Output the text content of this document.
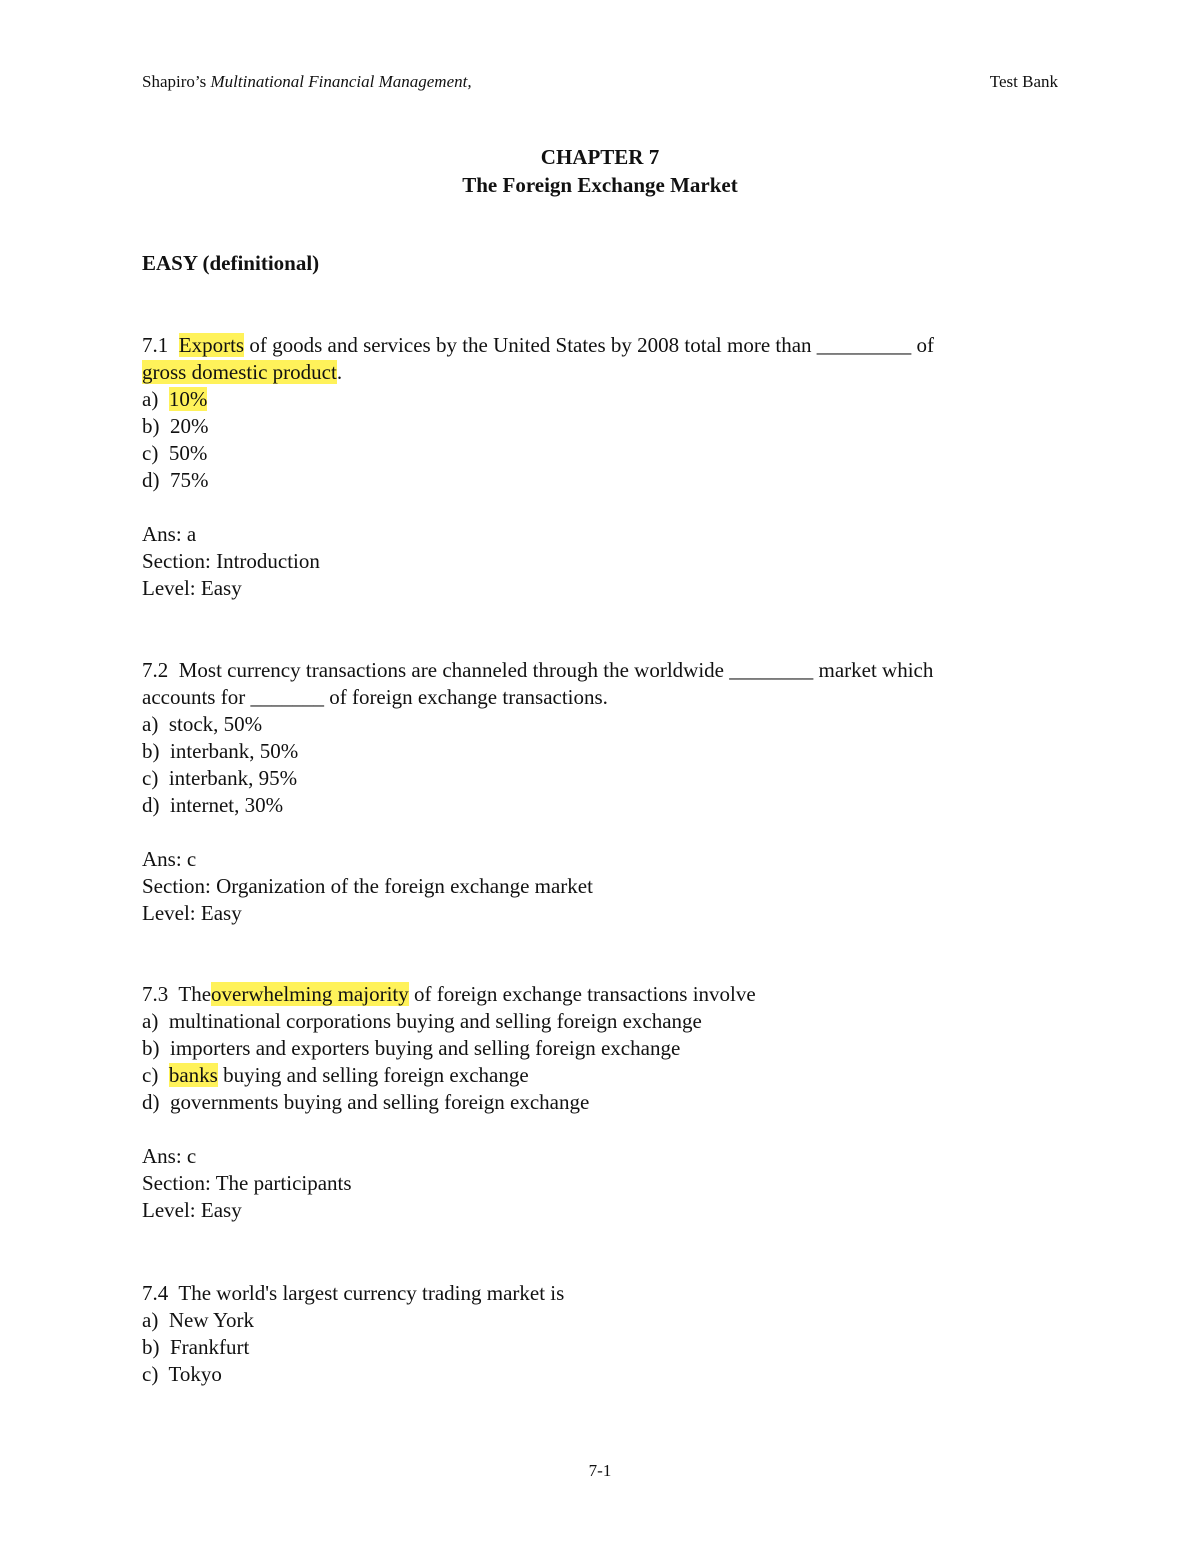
Shapiro’s Multinational Financial Management,	Test Bank
CHAPTER 7
The Foreign Exchange Market
EASY (definitional)
7.1 Exports of goods and services by the United States by 2008 total more than _________ of
gross domestic product.
a) 10%
b) 20%
c) 50%
d) 75%
Ans: a
Section: Introduction
Level: Easy
7.2 Most currency transactions are channeled through the worldwide ________ market which
accounts for _______ of foreign exchange transactions.
a) stock, 50%
b) interbank, 50%
c) interbank, 95%
d) internet, 30%
Ans: c
Section: Organization of the foreign exchange market
Level: Easy
7.3 Theoverwhelming majority of foreign exchange transactions involve
a) multinational corporations buying and selling foreign exchange
b) importers and exporters buying and selling foreign exchange
c) banks buying and selling foreign exchange
d) governments buying and selling foreign exchange
Ans: c
Section: The participants
Level: Easy
7.4 The world's largest currency trading market is
a) New York
b) Frankfurt
c) Tokyo
7-1
